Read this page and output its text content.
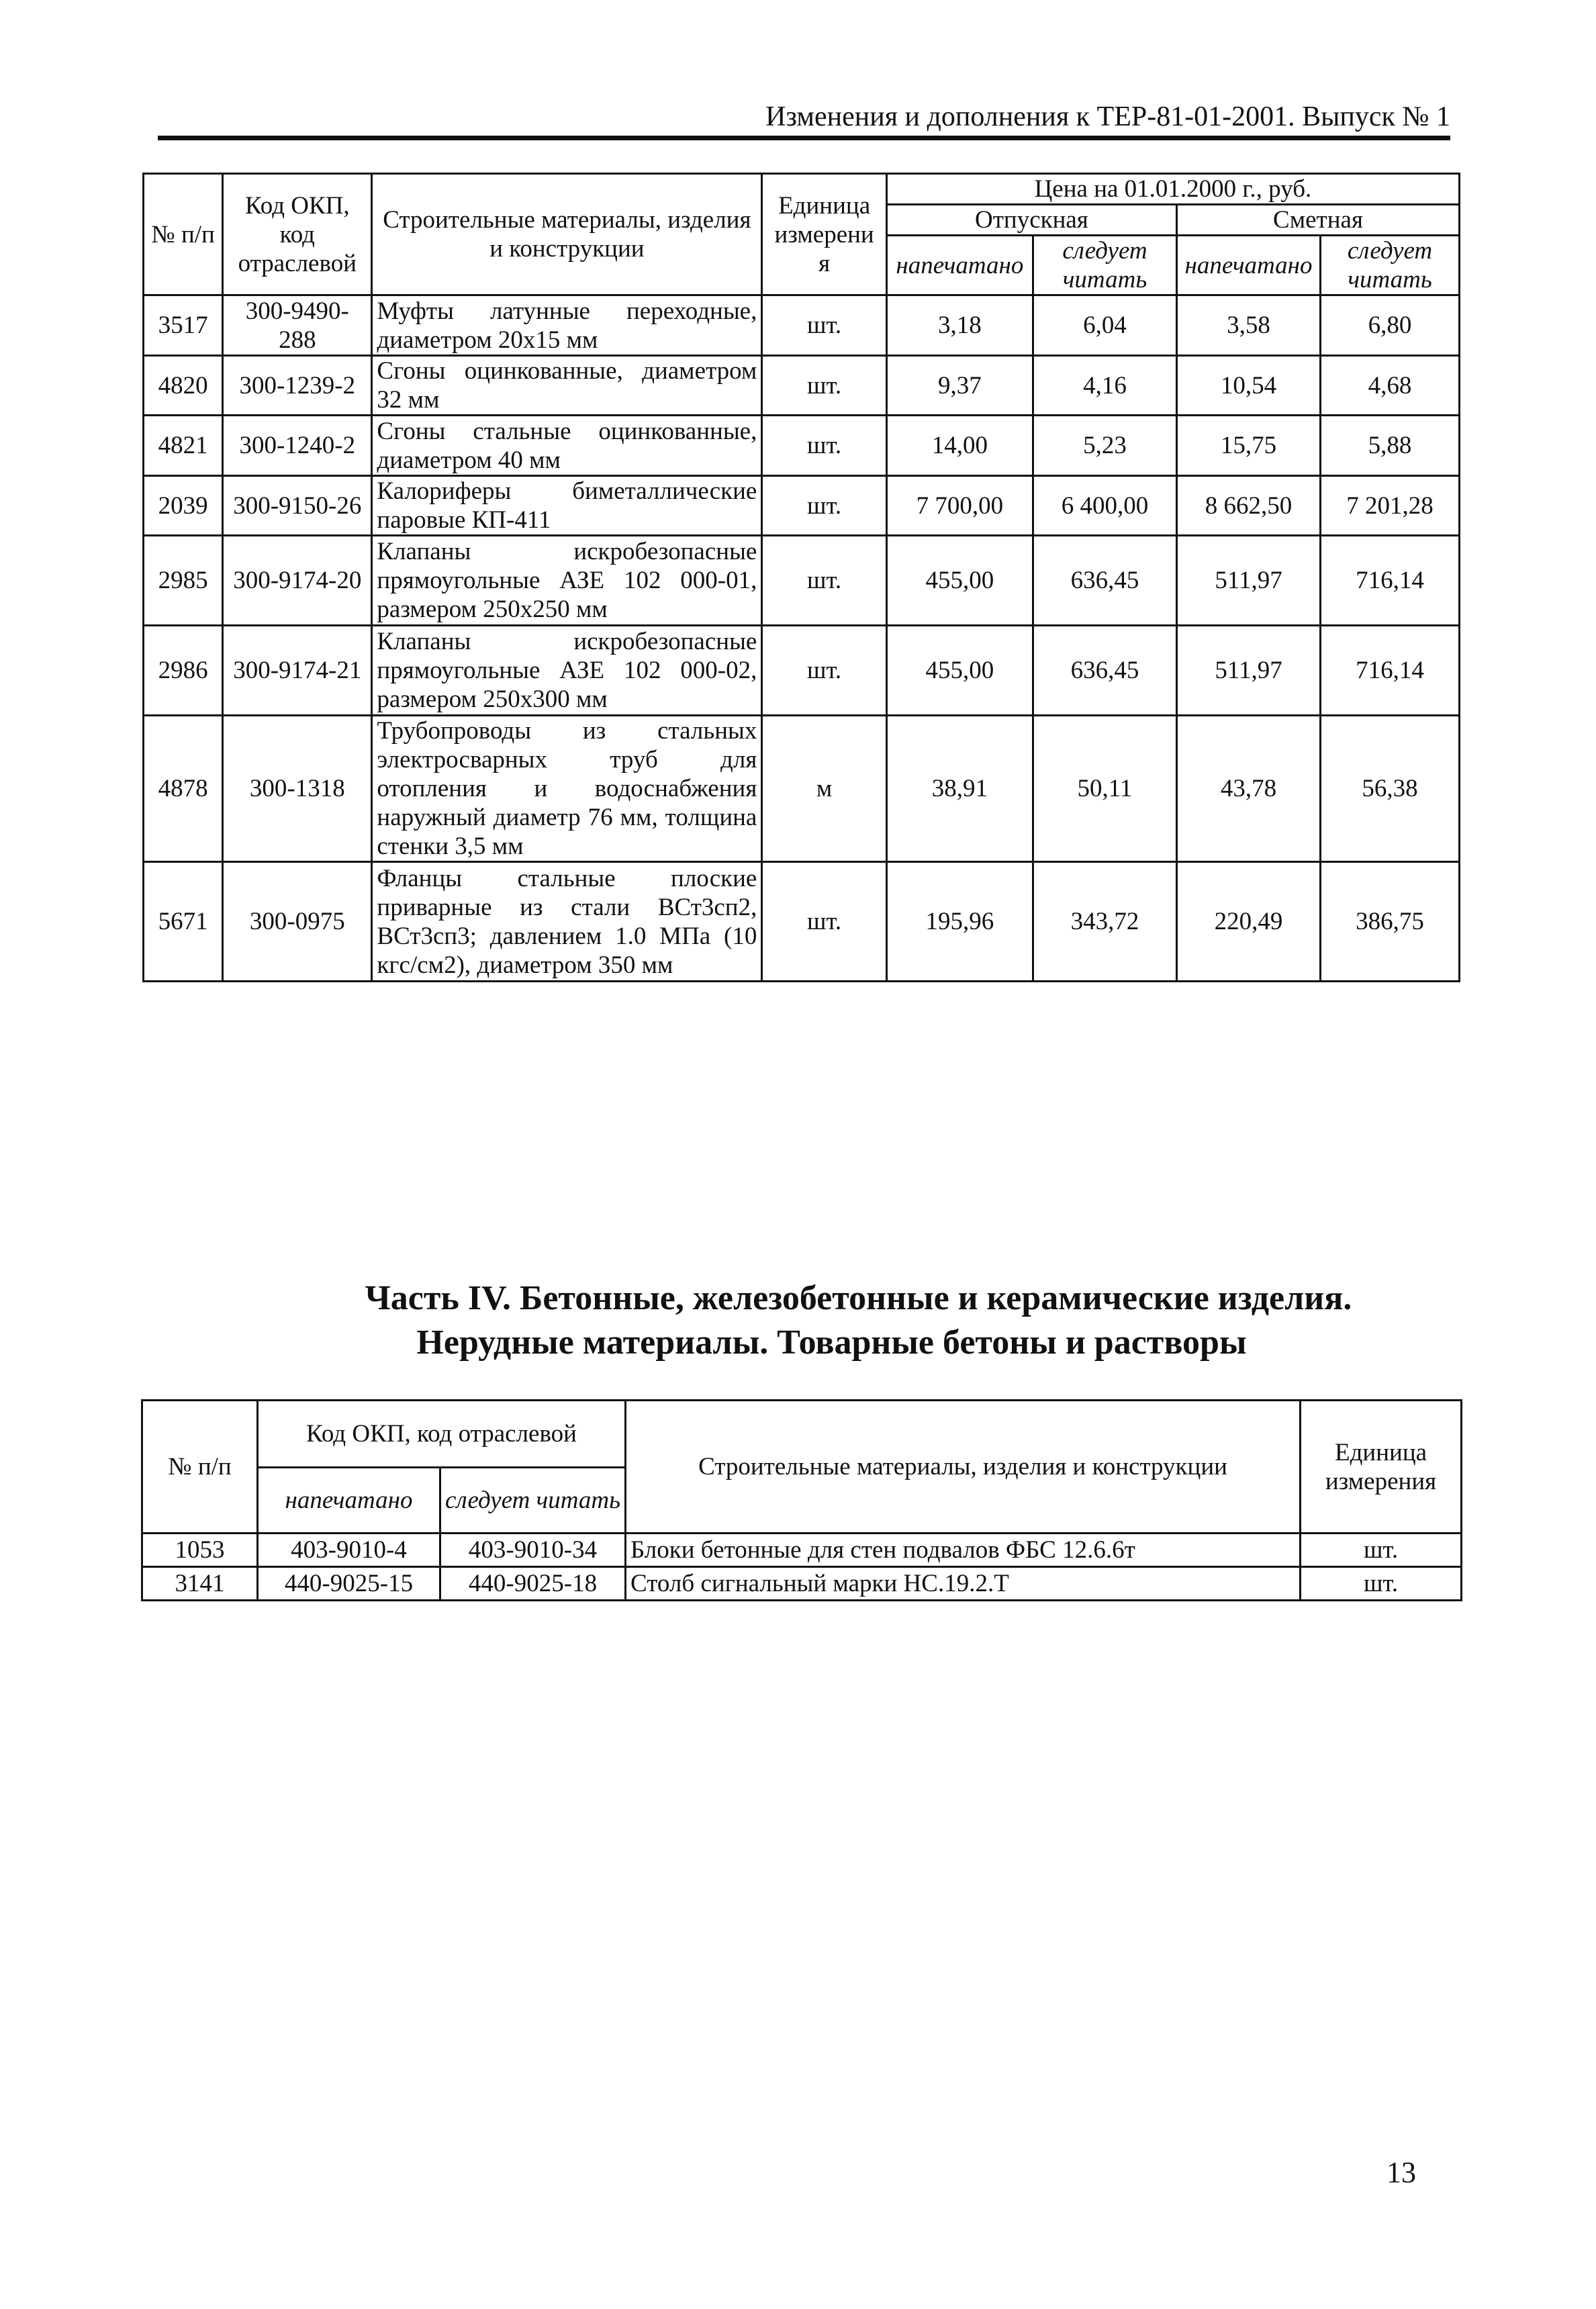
Изменения и дополнения к ТЕР-81-01-2001. Выпуск № 1
№ п/п	Код ОКП, код отраслевой	Строительные материалы, изделия и конструкции	Единица измерени я	Цена на 01.01.2000 г., руб.			
				Отпускная		Сметная	
				напечатано	следует читать	напечатано	следует читать
3517	300-9490-288	Муфты латунные переходные, диаметром 20х15 мм	шт.	3,18	6,04	3,58	6,80
4820	300-1239-2	Сгоны оцинкованные, диаметром 32 мм	шт.	9,37	4,16	10,54	4,68
4821	300-1240-2	Сгоны стальные оцинкованные, диаметром 40 мм	шт.	14,00	5,23	15,75	5,88
2039	300-9150-26	Калориферы биметаллические паровые КП-411	шт.	7 700,00	6 400,00	8 662,50	7 201,28
2985	300-9174-20	Клапаны искробезопасные прямоугольные АЗЕ 102 000-01, размером 250х250 мм	шт.	455,00	636,45	511,97	716,14
2986	300-9174-21	Клапаны искробезопасные прямоугольные АЗЕ 102 000-02, размером 250х300 мм	шт.	455,00	636,45	511,97	716,14
4878	300-1318	Трубопроводы из стальных электросварных труб для отопления и водоснабжения наружный диаметр 76 мм, толщина стенки 3,5 мм	м	38,91	50,11	43,78	56,38
5671	300-0975	Фланцы стальные плоские приварные из стали ВСт3сп2, ВСт3сп3; давлением 1.0 МПа (10 кгс/см2), диаметром 350 мм	шт.	195,96	343,72	220,49	386,75
Часть IV. Бетонные, железобетонные и керамические изделия.
Нерудные материалы. Товарные бетоны и растворы
№ п/п	Код ОКП, код отраслевой		Строительные материалы, изделия и конструкции	Единица измерения
	напечатано	следует читать		
1053	403-9010-4	403-9010-34	Блоки бетонные для стен подвалов ФБС 12.6.6т	шт.
3141	440-9025-15	440-9025-18	Столб сигнальный марки НС.19.2.Т	шт.
13
